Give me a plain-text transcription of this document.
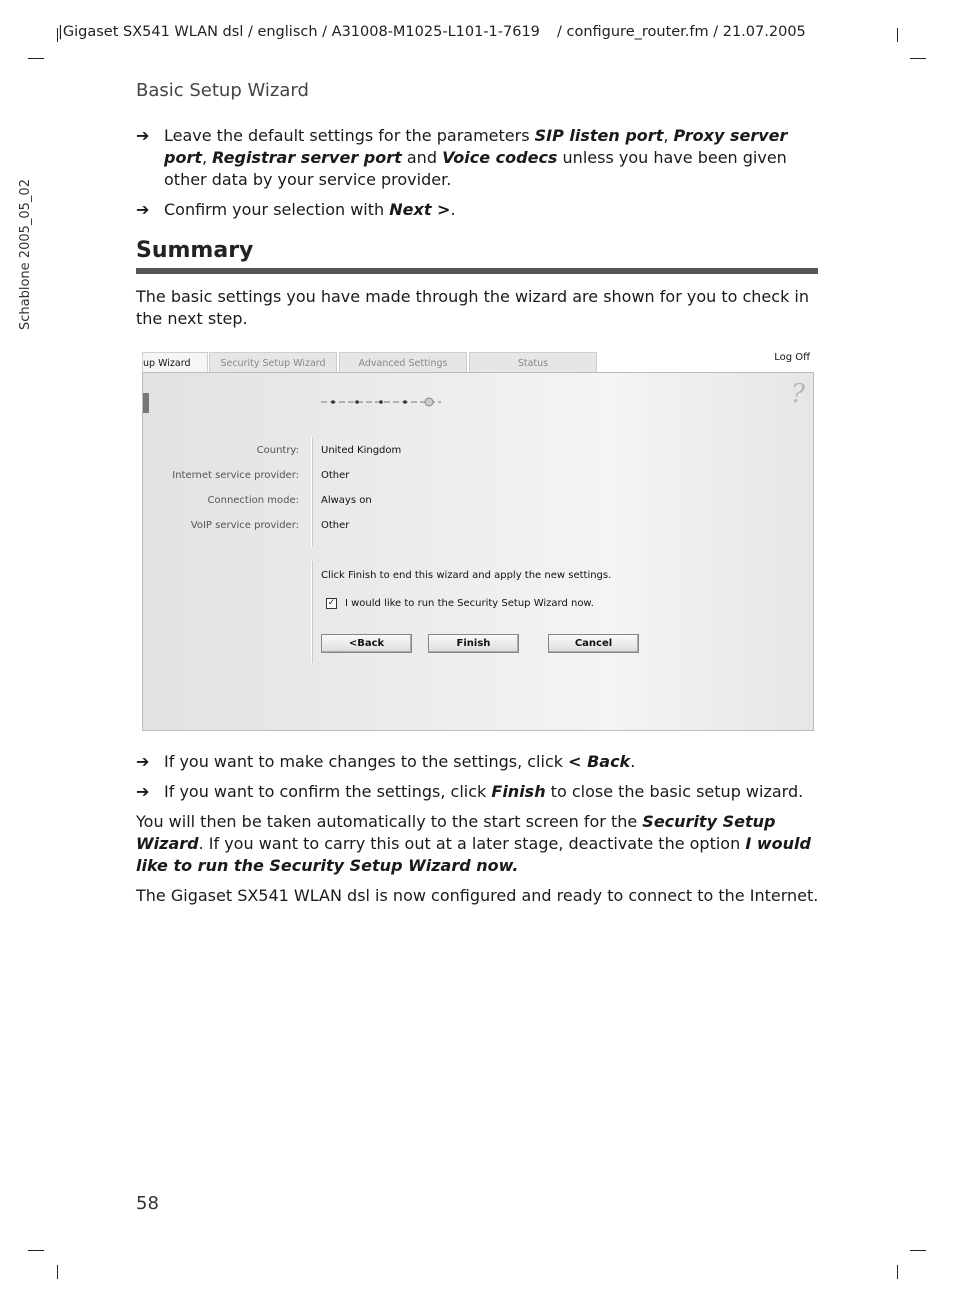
|Gigaset SX541 WLAN dsl / englisch / A31008-M1025-L101-1-7619 / configure_router.fm / 21.07.2005
Schablone 2005_05_02
Basic Setup Wizard
➔ Leave the default settings for the parameters SIP listen port, Proxy server port, Registrar server port and Voice codecs unless you have been given other data by your service provider.
➔ Confirm your selection with Next >.
Summary
The basic settings you have made through the wizard are shown for you to check in the next step.
up Wizard	Security Setup Wizard	Advanced Settings	Status
Log Off
?
Country: United Kingdom
Internet service provider: Other
Connection mode: Always on
VoIP service provider: Other
Click Finish to end this wizard and apply the new settings.
✓ I would like to run the Security Setup Wizard now.
<Back	Finish	Cancel
➔ If you want to make changes to the settings, click < Back.
➔ If you want to confirm the settings, click Finish to close the basic setup wizard.
You will then be taken automatically to the start screen for the Security Setup Wizard. If you want to carry this out at a later stage, deactivate the option I would like to run the Security Setup Wizard now.
The Gigaset SX541 WLAN dsl is now configured and ready to connect to the Internet.
58
